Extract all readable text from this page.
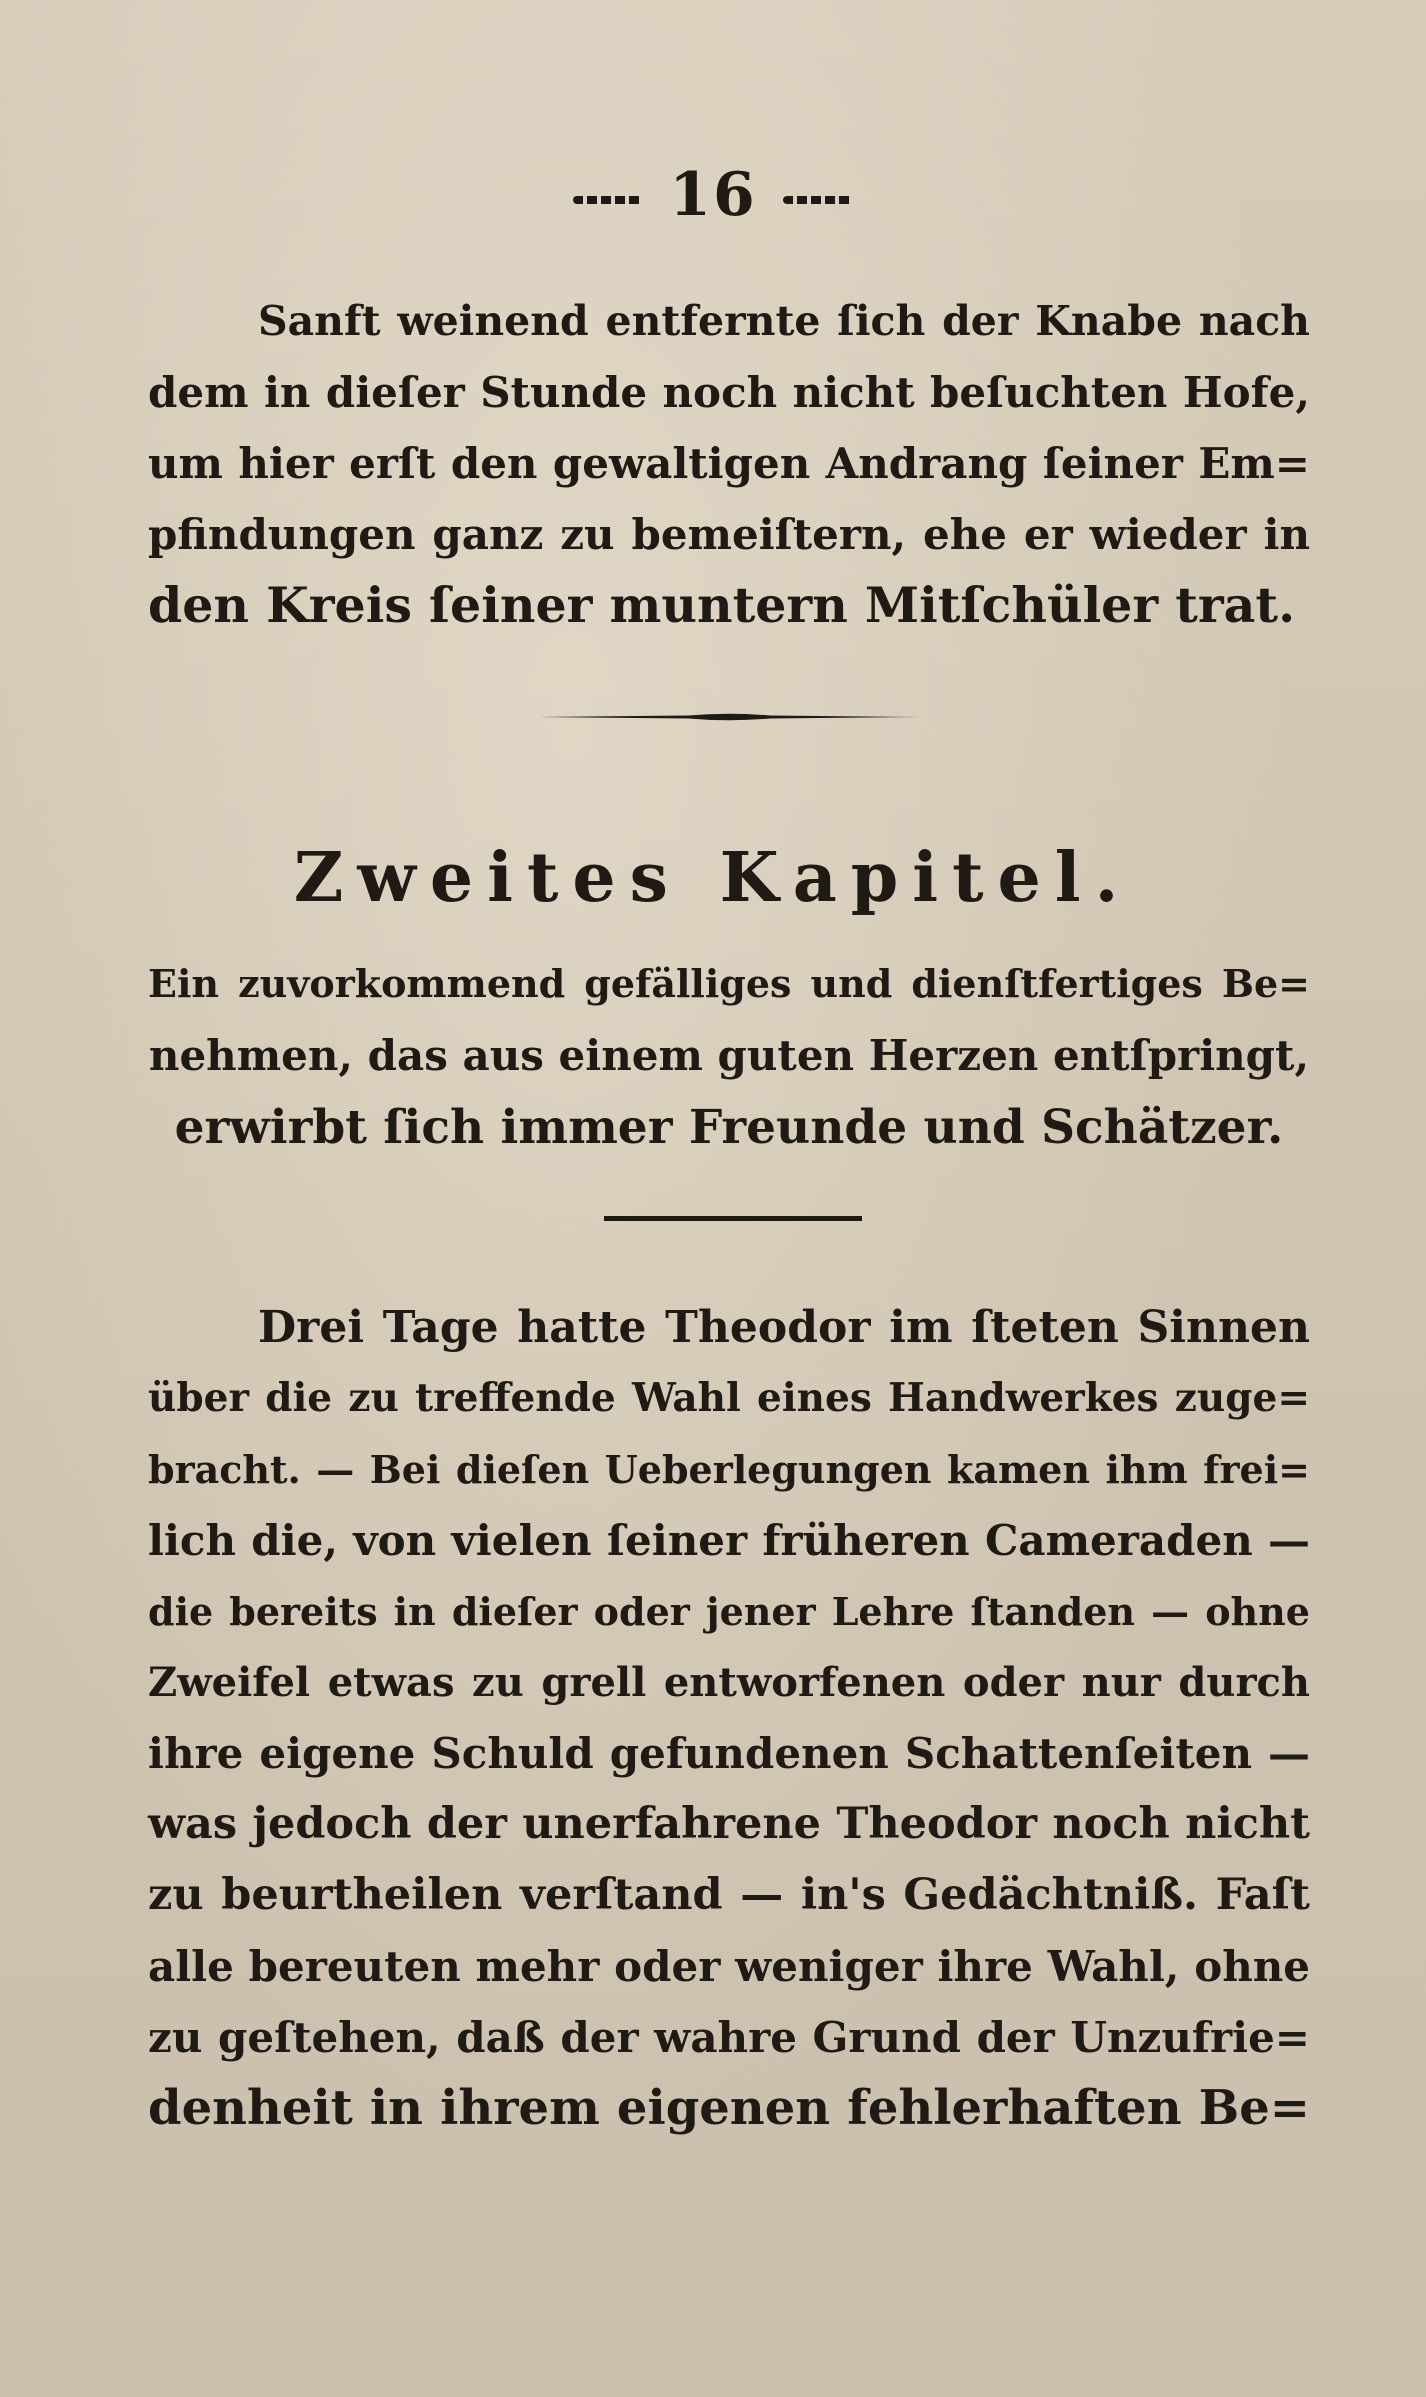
16
Sanft weinend entfernte ſich der Knabe nach
dem in dieſer Stunde noch nicht beſuchten Hofe,
um hier erſt den gewaltigen Andrang ſeiner Em=
pfindungen ganz zu bemeiſtern, ehe er wieder in
den Kreis ſeiner muntern Mitſchüler trat.
Zweites Kapitel.
Ein zuvorkommend gefälliges und dienſtfertiges Be=
nehmen, das aus einem guten Herzen entſpringt,
erwirbt ſich immer Freunde und Schätzer.
Drei Tage hatte Theodor im ſteten Sinnen
über die zu treffende Wahl eines Handwerkes zuge=
bracht. — Bei dieſen Ueberlegungen kamen ihm frei=
lich die, von vielen ſeiner früheren Cameraden —
die bereits in dieſer oder jener Lehre ſtanden — ohne
Zweifel etwas zu grell entworfenen oder nur durch
ihre eigene Schuld gefundenen Schattenſeiten —
was jedoch der unerfahrene Theodor noch nicht
zu beurtheilen verſtand — in's Gedächtniß. Faſt
alle bereuten mehr oder weniger ihre Wahl, ohne
zu geſtehen, daß der wahre Grund der Unzufrie=
denheit in ihrem eigenen fehlerhaften Be=
